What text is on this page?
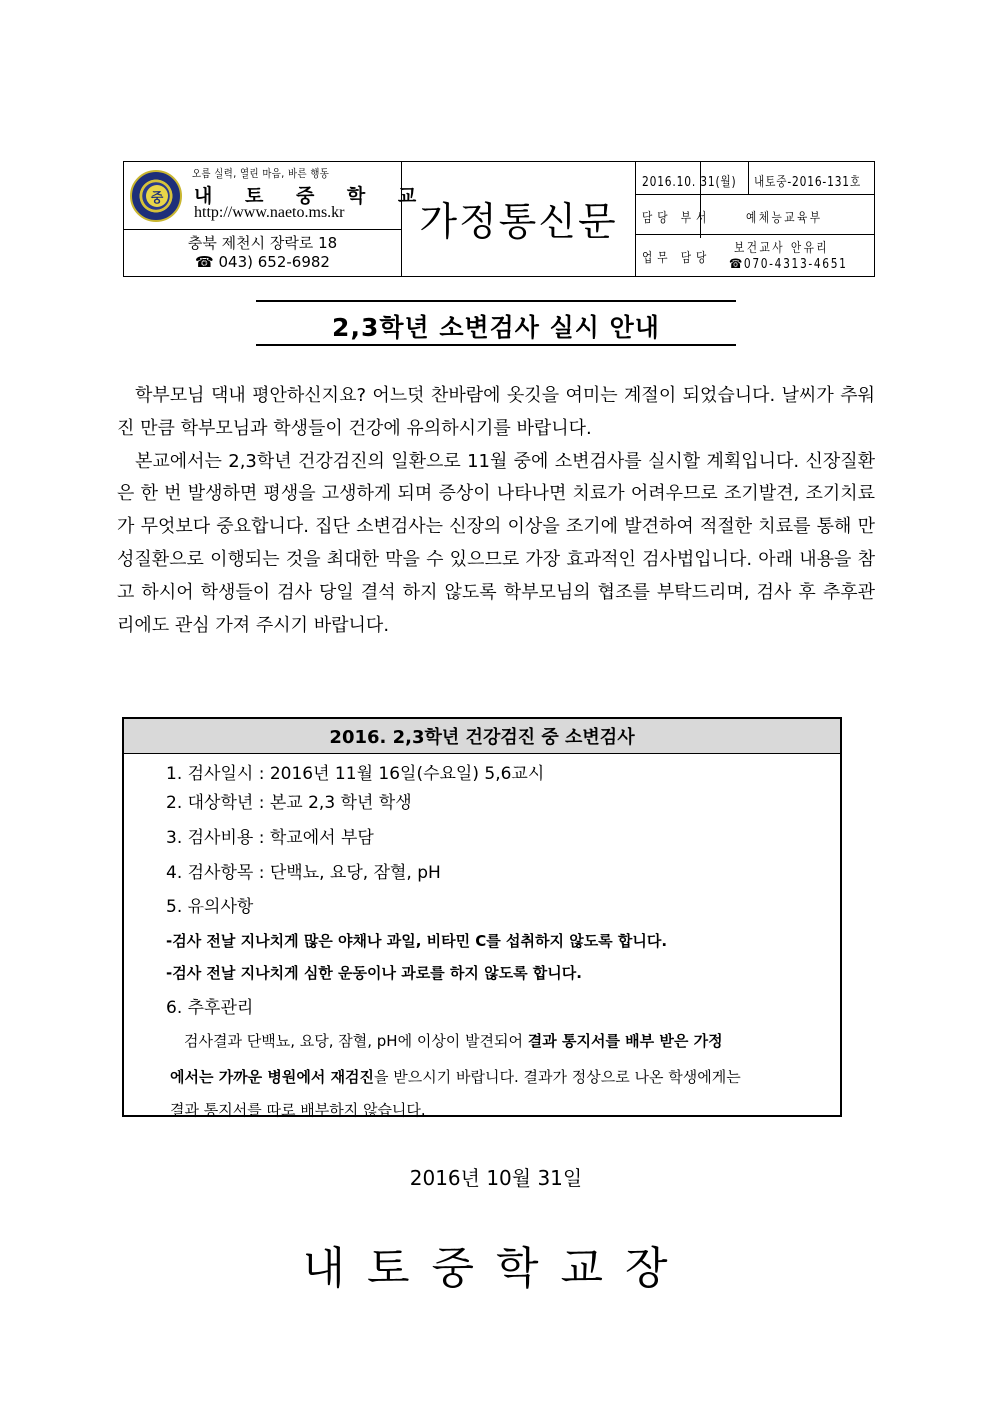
중
오름 실력, 열린 마음, 바른 행동
내 토 중 학 교
http://www.naeto.ms.kr
충북 제천시 장락로 18
☎ 043) 652-6982
가정통신문
2016.10. 31(월) 내토중-2016-131호
담당 부서	예체능교육부
업무 담당
보건교사 안유리
☎070-4313-4651
2,3학년 소변검사 실시 안내

학부모님 댁내 평안하신지요? 어느덧 찬바람에 옷깃을 여미는 계절이 되었습니다. 날씨가 추워진 만큼 학부모님과 학생들이 건강에 유의하시기를 바랍니다.

본교에서는 2,3학년 건강검진의 일환으로 11월 중에 소변검사를 실시할 계획입니다. 신장질환은 한 번 발생하면 평생을 고생하게 되며 증상이 나타나면 치료가 어려우므로 조기발견, 조기치료가 무엇보다 중요합니다. 집단 소변검사는 신장의 이상을 조기에 발견하여 적절한 치료를 통해 만성질환으로 이행되는 것을 최대한 막을 수 있으므로 가장 효과적인 검사법입니다. 아래 내용을 참고 하시어 학생들이 검사 당일 결석 하지 않도록 학부모님의 협조를 부탁드리며, 검사 후 추후관리에도 관심 가져 주시기 바랍니다.

2016. 2,3학년 건강검진 중 소변검사
1. 검사일시 : 2016년 11월 16일(수요일) 5,6교시
2. 대상학년 : 본교 2,3 학년 학생
3. 검사비용 : 학교에서 부담
4. 검사항목 : 단백뇨, 요당, 잠혈, pH
5. 유의사항
-검사 전날 지나치게 많은 야채나 과일, 비타민 C를 섭취하지 않도록 합니다.
-검사 전날 지나치게 심한 운동이나 과로를 하지 않도록 합니다.
6. 추후관리

검사결과 단백뇨, 요당, 잠혈, pH에 이상이 발견되어 결과 통지서를 배부 받은 가정

에서는 가까운 병원에서 재검진을 받으시기 바랍니다. 결과가 정상으로 나온 학생에게는

결과 통지서를 따로 배부하지 않습니다.

2016년 10월 31일
내토중학교장
